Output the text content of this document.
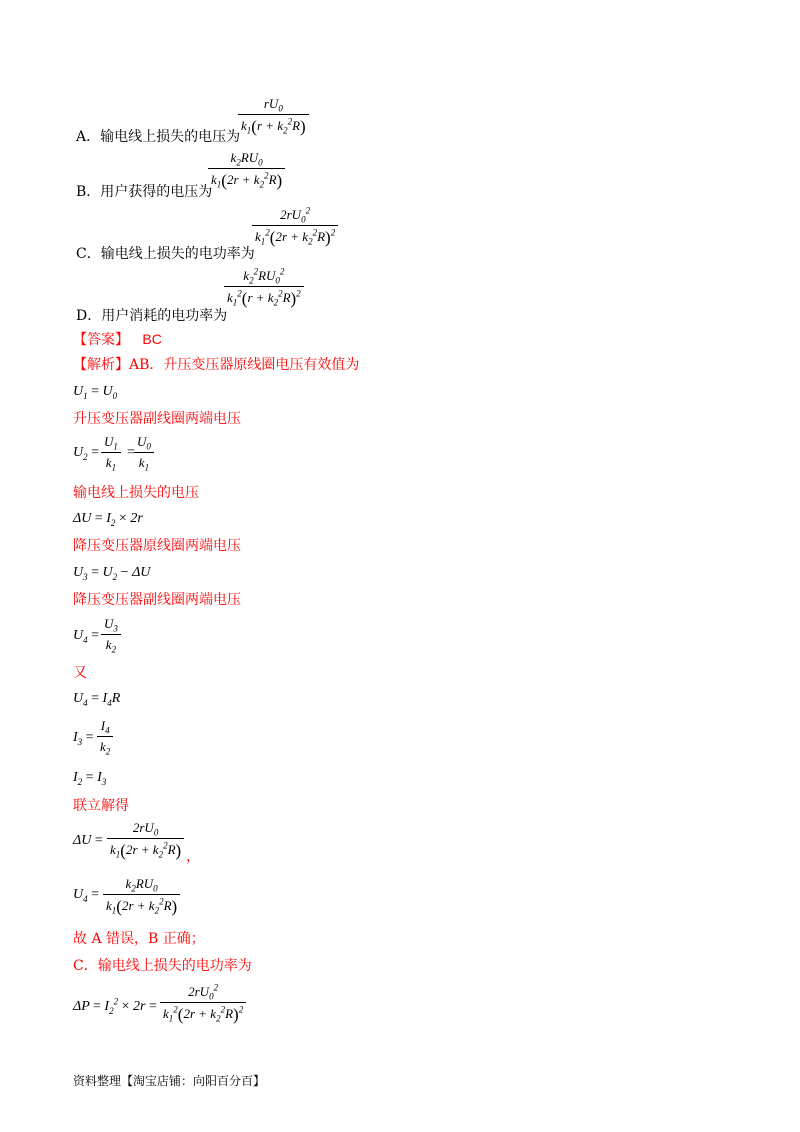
A．输电线上损失的电压为
$\frac{rU_0}{k_1(r + k_2^2R)}$
B．用户获得的电压为
$\frac{k_2RU_0}{k_1(2r + k_2^2R)}$
C．输电线上损失的电功率为
$\frac{2rU_0^2}{k_1^2(2r + k_2^2R)^2}$
D．用户消耗的电功率为
$\frac{k_2^2RU_0^2}{k_1^2(r + k_2^2R)^2}$
【答案】 BC
【解析】AB．升压变压器原线圈电压有效值为
$U_1 = U_0$
升压变压器副线圈两端电压
$U_2 = \frac{U_1}{k_1} = \frac{U_0}{k_1}$
输电线上损失的电压
$\Delta U = I_2 \times 2r$
降压变压器原线圈两端电压
$U_3 = U_2 - \Delta U$
降压变压器副线圈两端电压
$U_4 = \frac{U_3}{k_2}$
又
$U_4 = I_4R$
$I_3 = \frac{I_4}{k_2}$
$I_2 = I_3$
联立解得
$\Delta U = \frac{2rU_0}{k_1(2r + k_2^2R)}$ ，
$U_4 = \frac{k_2RU_0}{k_1(2r + k_2^2R)}$
故 A 错误，B 正确；
C．输电线上损失的电功率为
$\Delta P = I_2^2 \times 2r = \frac{2rU_0^2}{k_1^2(2r + k_2^2R)^2}$
资料整理【淘宝店铺：向阳百分百】
